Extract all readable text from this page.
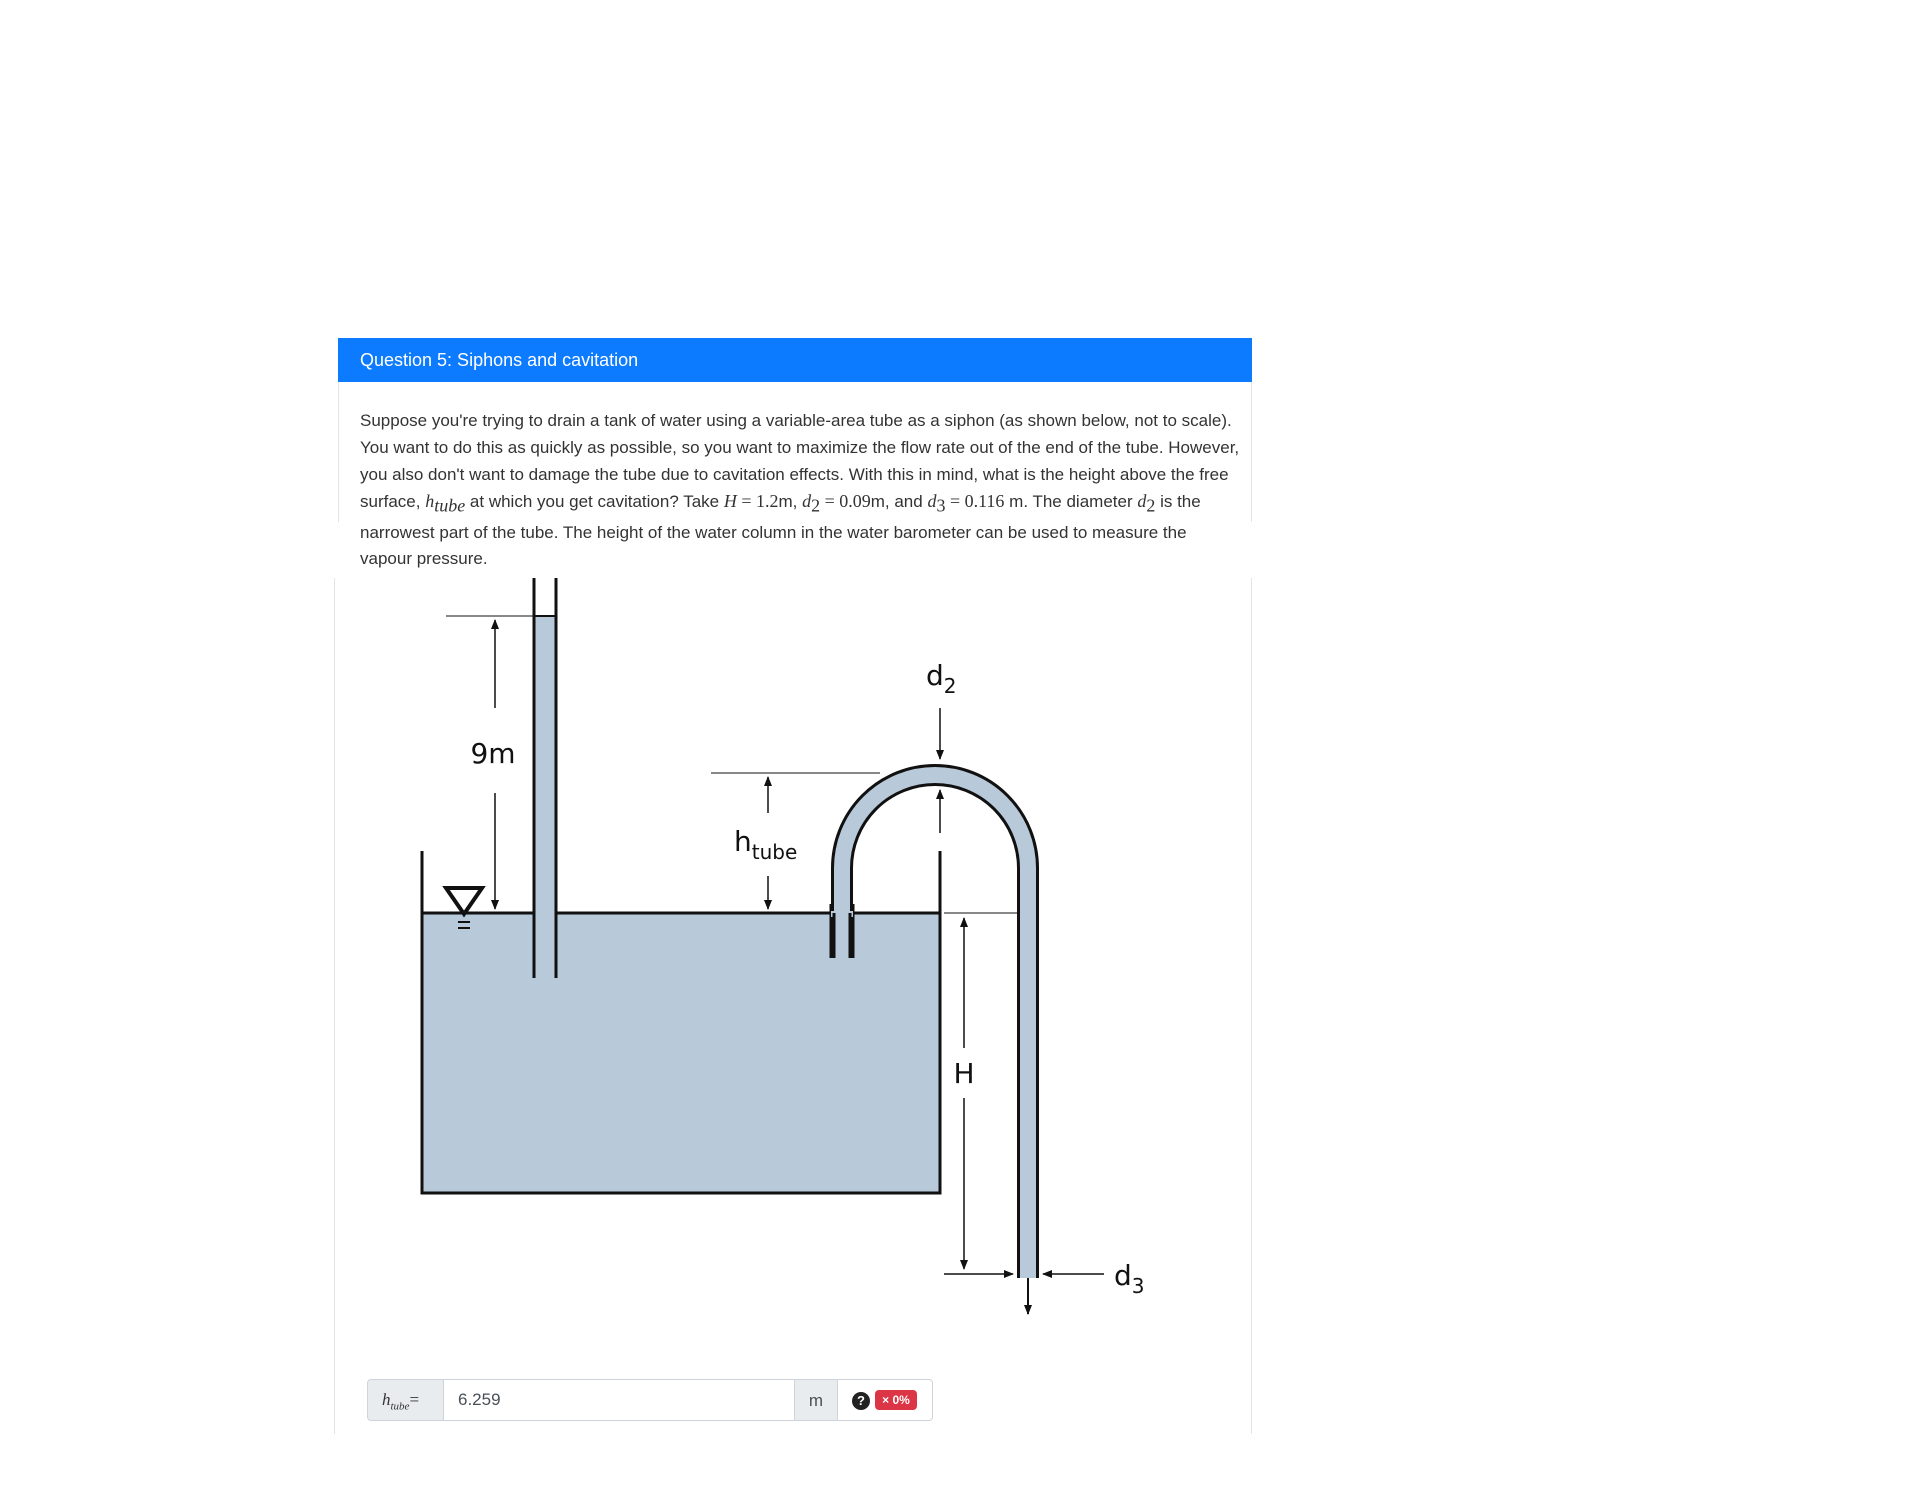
Question 5: Siphons and cavitation
Suppose you're trying to drain a tank of water using a variable-area tube as a siphon (as shown below, not to scale). You want to do this as quickly as possible, so you want to maximize the flow rate out of the end of the tube. However, you also don't want to damage the tube due to cavitation effects. With this in mind, what is the height above the free surface, $h_{tube}$ at which you get cavitation? Take H = 1.2m, $d_2 = 0.09m$, and $d_3 = 0.116$ m. The diameter $d_2$ is the narrowest part of the tube. The height of the water column in the water barometer can be used to measure the vapour pressure.
9m
$h_{tube}$
$d_2$
H
$d_3$
$h_{tube}=$
6.259	m	?	× 0%
